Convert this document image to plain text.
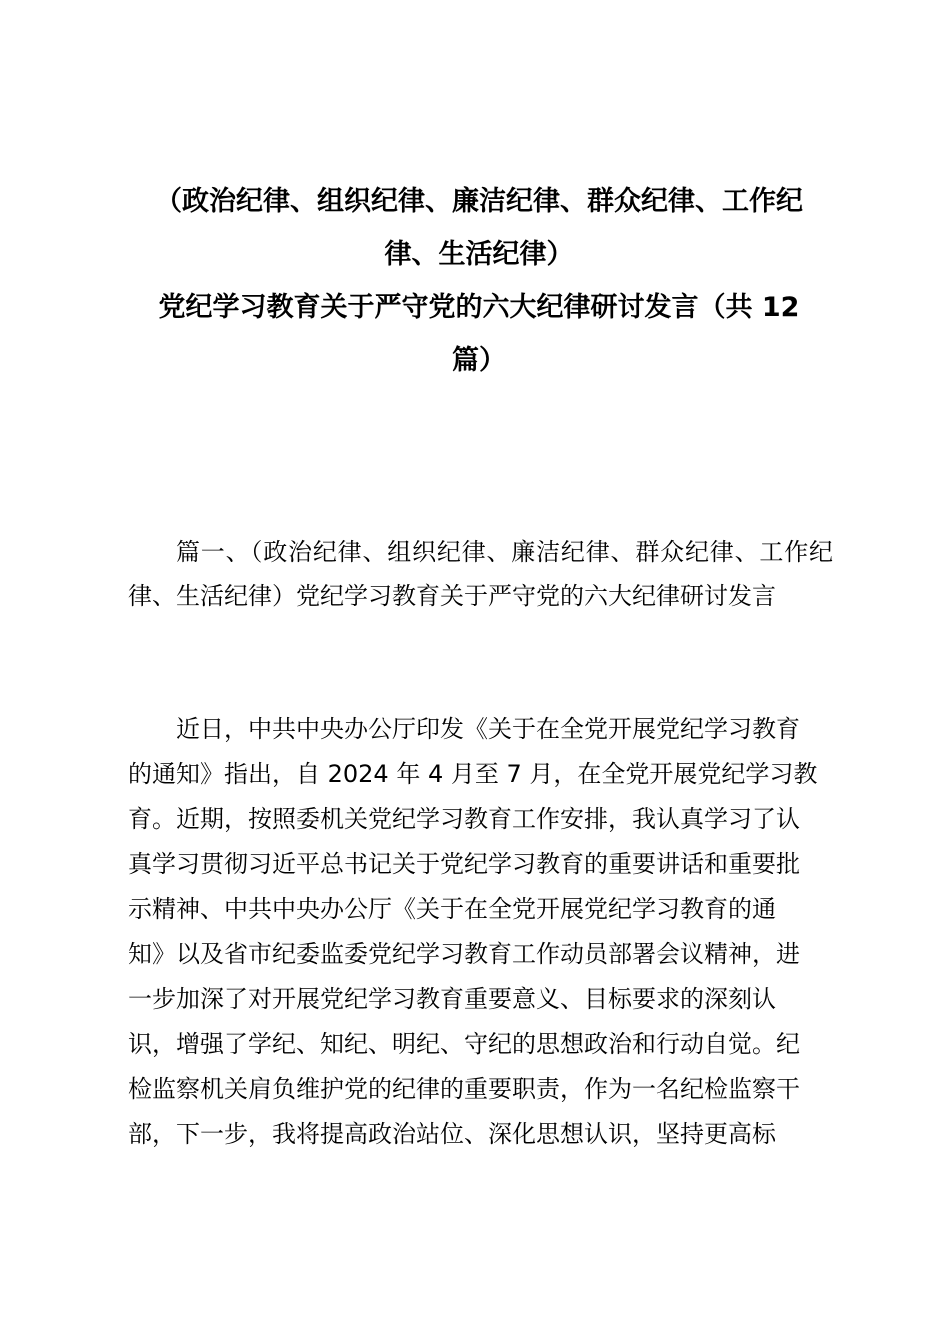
（政治纪律、组织纪律、廉洁纪律、群众纪律、工作纪
律、生活纪律）
党纪学习教育关于严守党的六大纪律研讨发言（共 12
篇）
篇一、（政治纪律、组织纪律、廉洁纪律、群众纪律、工作纪律、生活纪律）党纪学习教育关于严守党的六大纪律研讨发言
近日，中共中央办公厅印发《关于在全党开展党纪学习教育
的通知》指出，自 2024 年 4 月至 7 月，在全党开展党纪学习教
育。近期，按照委机关党纪学习教育工作安排，我认真学习了认
真学习贯彻习近平总书记关于党纪学习教育的重要讲话和重要批
示精神、中共中央办公厅《关于在全党开展党纪学习教育的通
知》以及省市纪委监委党纪学习教育工作动员部署会议精神，进
一步加深了对开展党纪学习教育重要意义、目标要求的深刻认
识，增强了学纪、知纪、明纪、守纪的思想政治和行动自觉。纪
检监察机关肩负维护党的纪律的重要职责，作为一名纪检监察干
部，下一步，我将提高政治站位、深化思想认识，坚持更高标
